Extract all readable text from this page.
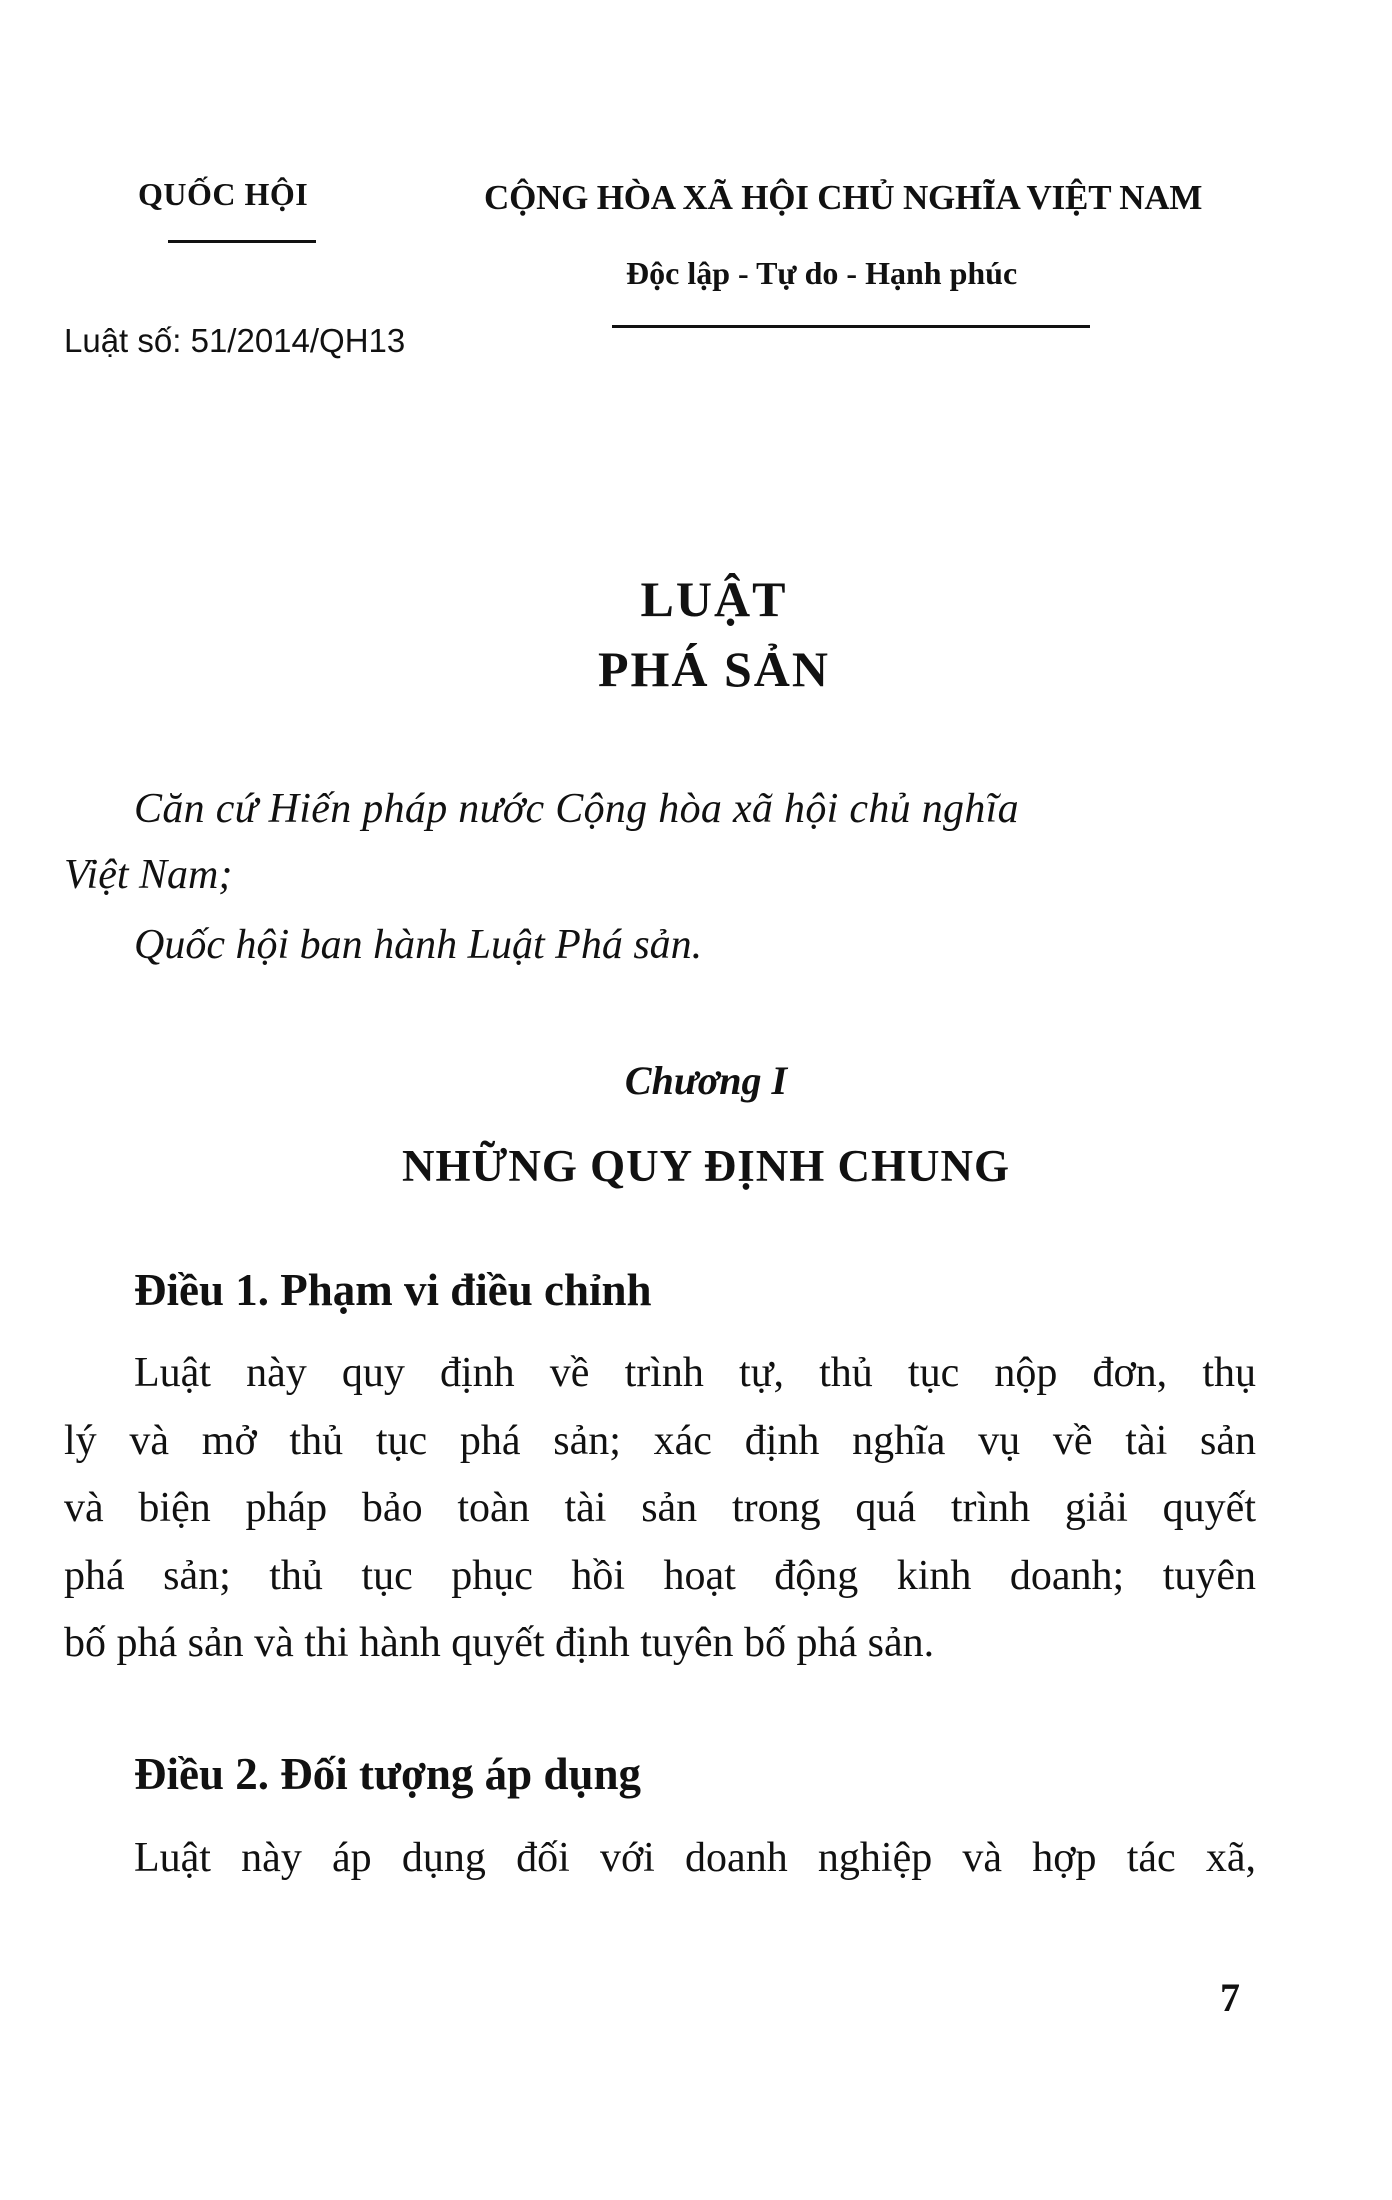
QUỐC HỘI	CỘNG HÒA XÃ HỘI CHỦ NGHĨA VIỆT NAM
Độc lập - Tự do - Hạnh phúc
Luật số: 51/2014/QH13
LUẬT
PHÁ SẢN
Căn cứ Hiến pháp nước Cộng hòa xã hội chủ nghĩa
Việt Nam;
Quốc hội ban hành Luật Phá sản.
Chương I
NHỮNG QUY ĐỊNH CHUNG
Điều 1. Phạm vi điều chỉnh
Luật này quy định về trình tự, thủ tục nộp đơn, thụ
lý và mở thủ tục phá sản; xác định nghĩa vụ về tài sản
và biện pháp bảo toàn tài sản trong quá trình giải quyết
phá sản; thủ tục phục hồi hoạt động kinh doanh; tuyên
bố phá sản và thi hành quyết định tuyên bố phá sản.
Điều 2. Đối tượng áp dụng
Luật này áp dụng đối với doanh nghiệp và hợp tác xã,
7
